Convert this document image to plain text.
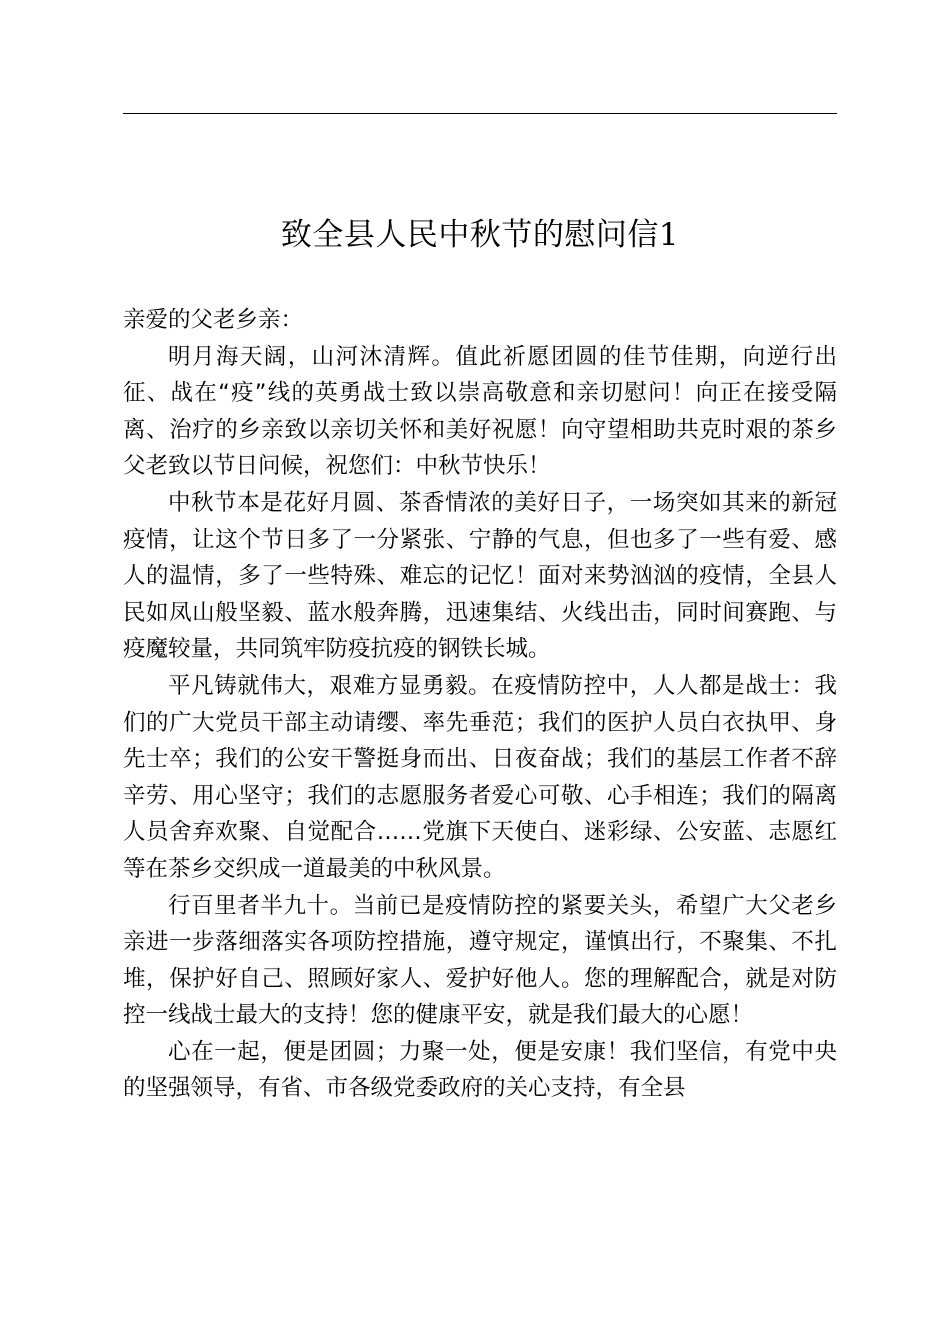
致全县人民中秋节的慰问信1

亲爱的父老乡亲：

明月海天阔，山河沐清辉。值此祈愿团圆的佳节佳期，向逆行出征、战在“疫”线的英勇战士致以崇高敬意和亲切慰问！向正在接受隔离、治疗的乡亲致以亲切关怀和美好祝愿！向守望相助共克时艰的茶乡父老致以节日问候，祝您们：中秋节快乐！

中秋节本是花好月圆、茶香情浓的美好日子，一场突如其来的新冠疫情，让这个节日多了一分紧张、宁静的气息，但也多了一些有爱、感人的温情，多了一些特殊、难忘的记忆！面对来势汹汹的疫情，全县人民如凤山般坚毅、蓝水般奔腾，迅速集结、火线出击，同时间赛跑、与疫魔较量，共同筑牢防疫抗疫的钢铁长城。

平凡铸就伟大，艰难方显勇毅。在疫情防控中，人人都是战士：我们的广大党员干部主动请缨、率先垂范；我们的医护人员白衣执甲、身先士卒；我们的公安干警挺身而出、日夜奋战；我们的基层工作者不辞辛劳、用心坚守；我们的志愿服务者爱心可敬、心手相连；我们的隔离人员舍弃欢聚、自觉配合……党旗下天使白、迷彩绿、公安蓝、志愿红等在茶乡交织成一道最美的中秋风景。

行百里者半九十。当前已是疫情防控的紧要关头，希望广大父老乡亲进一步落细落实各项防控措施，遵守规定，谨慎出行，不聚集、不扎堆，保护好自己、照顾好家人、爱护好他人。您的理解配合，就是对防控一线战士最大的支持！您的健康平安，就是我们最大的心愿！

心在一起，便是团圆；力聚一处，便是安康！我们坚信，有党中央的坚强领导，有省、市各级党委政府的关心支持，有全县
